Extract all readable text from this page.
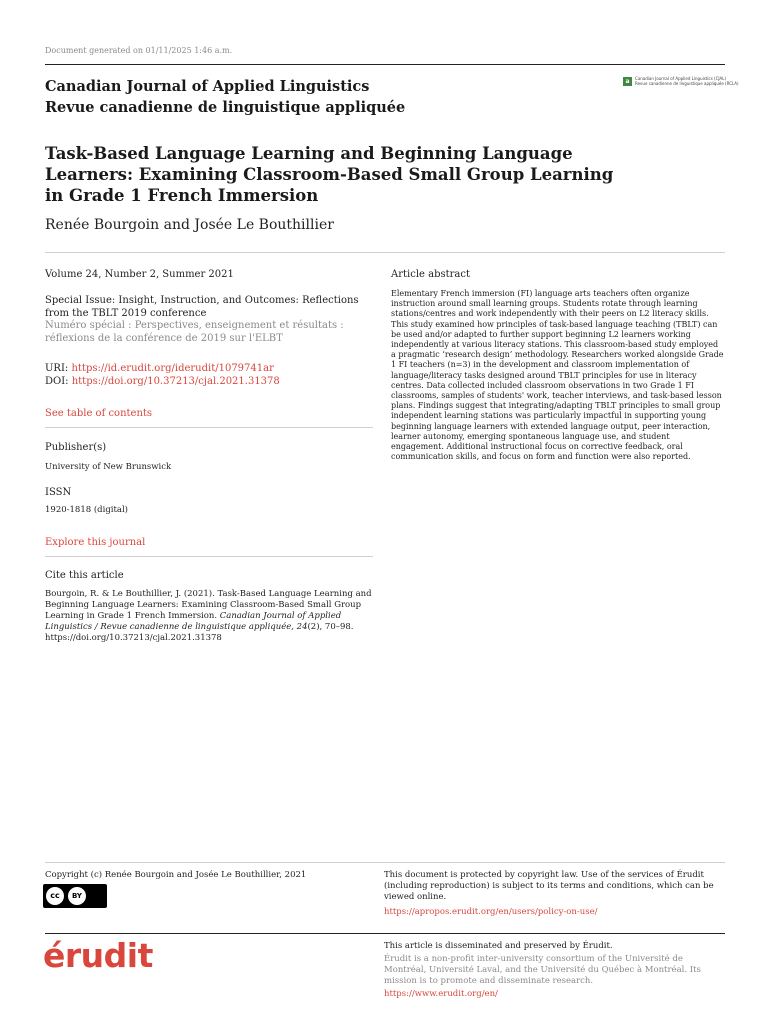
Document generated on 01/11/2025 1:46 a.m.
Canadian Journal of Applied Linguistics
Revue canadienne de linguistique appliquée
a	Canadian Journal of Applied Linguistics (CJAL)
Revue canadienne de linguistique appliquée (RCLA)
Task-Based Language Learning and Beginning Language Learners: Examining Classroom-Based Small Group Learning in Grade 1 French Immersion
Renée Bourgoin and Josée Le Bouthillier
Volume 24, Number 2, Summer 2021
Special Issue: Insight, Instruction, and Outcomes: Reflections from the TBLT 2019 conference
Numéro spécial : Perspectives, enseignement et résultats : réflexions de la conférence de 2019 sur l'ELBT
URI: https://id.erudit.org/iderudit/1079741ar
DOI: https://doi.org/10.37213/cjal.2021.31378
See table of contents
Publisher(s)
University of New Brunswick
ISSN
1920-1818 (digital)
Explore this journal
Cite this article
Bourgoin, R. & Le Bouthillier, J. (2021). Task-Based Language Learning and Beginning Language Learners: Examining Classroom-Based Small Group Learning in Grade 1 French Immersion. Canadian Journal of Applied Linguistics / Revue canadienne de linguistique appliquée, 24(2), 70–98. https://doi.org/10.37213/cjal.2021.31378
Article abstract
Elementary French immersion (FI) language arts teachers often organize instruction around small learning groups. Students rotate through learning stations/centres and work independently with their peers on L2 literacy skills. This study examined how principles of task-based language teaching (TBLT) can be used and/or adapted to further support beginning L2 learners working independently at various literacy stations. This classroom-based study employed a pragmatic ‘research design’ methodology. Researchers worked alongside Grade 1 FI teachers (n=3) in the development and classroom implementation of language/literacy tasks designed around TBLT principles for use in literacy centres. Data collected included classroom observations in two Grade 1 FI classrooms, samples of students' work, teacher interviews, and task-based lesson plans. Findings suggest that integrating/adapting TBLT principles to small group independent learning stations was particularly impactful in supporting young beginning language learners with extended language output, peer interaction, learner autonomy, emerging spontaneous language use, and student engagement. Additional instructional focus on corrective feedback, oral communication skills, and focus on form and function were also reported.
Copyright (c) Renée Bourgoin and Josée Le Bouthillier, 2021
cc	BY
This document is protected by copyright law. Use of the services of Érudit (including reproduction) is subject to its terms and conditions, which can be viewed online.
https://apropos.erudit.org/en/users/policy-on-use/
érudit	This article is disseminated and preserved by Érudit.
Érudit is a non-profit inter-university consortium of the Université de Montréal, Université Laval, and the Université du Québec à Montréal. Its mission is to promote and disseminate research.
https://www.erudit.org/en/
